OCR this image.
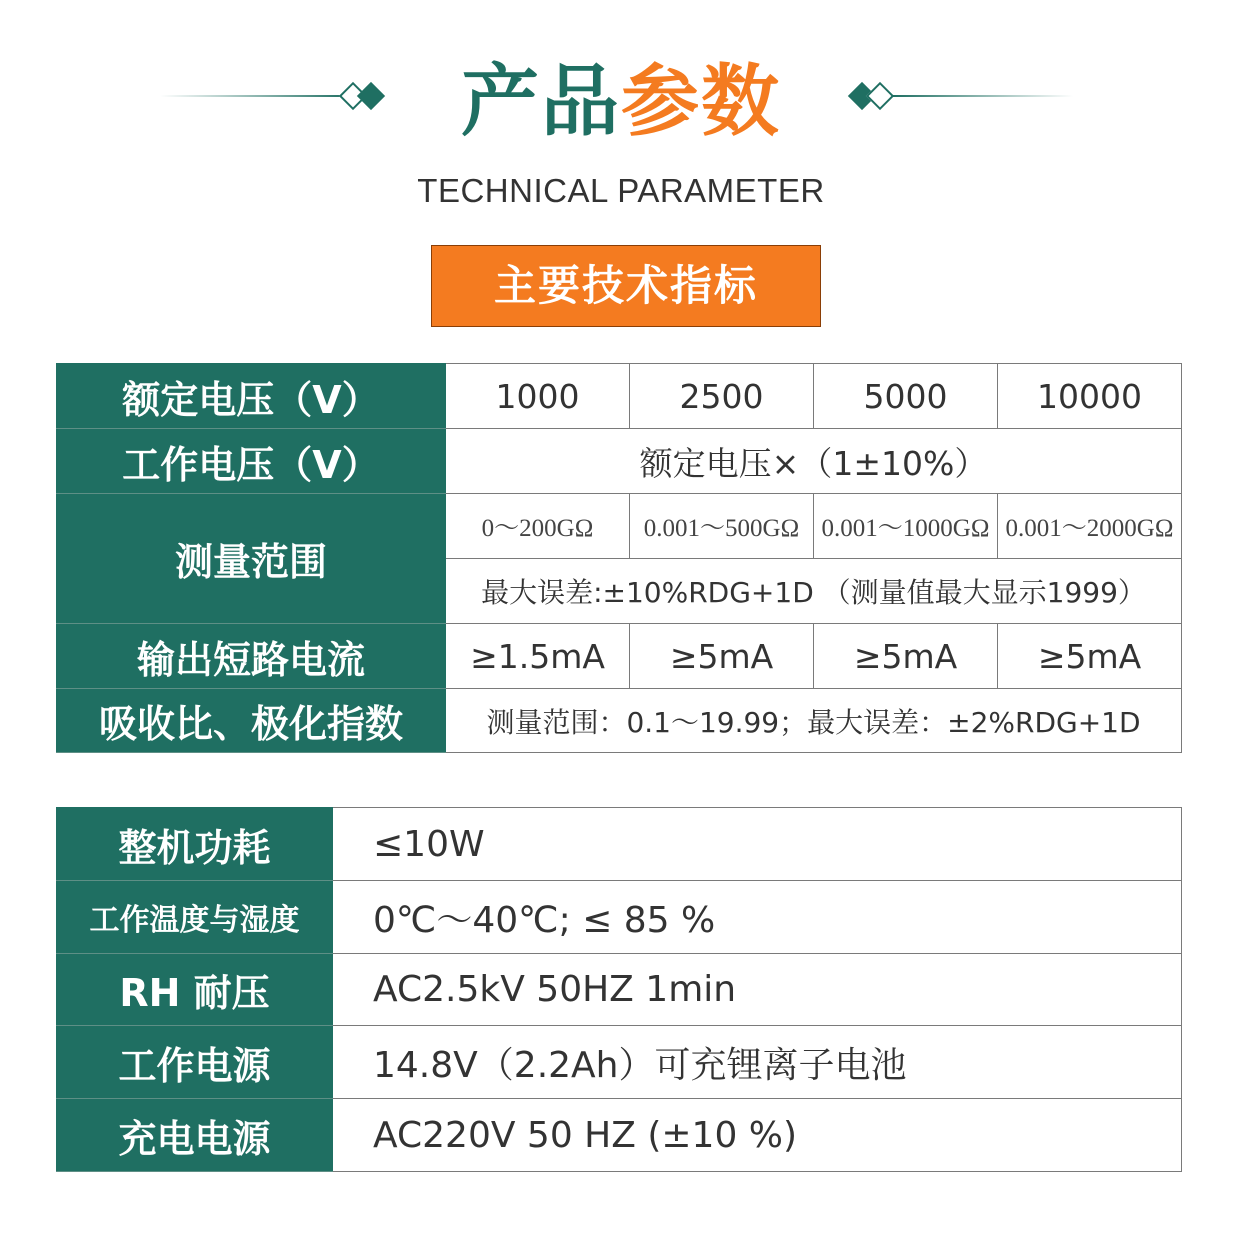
产品参数
TECHNICAL PARAMETER
主要技术指标
额定电压（V）	1000	2500	5000	10000
工作电压（V）	额定电压×（1±10%）			
测量范围	0～200GΩ	0.001～500GΩ	0.001～1000GΩ	0.001～2000GΩ
	最大误差:±10%RDG+1D （测量值最大显示1999）			
输出短路电流	≥1.5mA	≥5mA	≥5mA	≥5mA
吸收比、极化指数	测量范围：0.1～19.99；最大误差：±2%RDG+1D			
整机功耗	≤10W
工作温度与湿度	0℃～40℃; ≤ 85 %
RH 耐压	AC2.5kV 50HZ 1min
工作电源	14.8V（2.2Ah）可充锂离子电池
充电电源	AC220V 50 HZ (±10 %)
